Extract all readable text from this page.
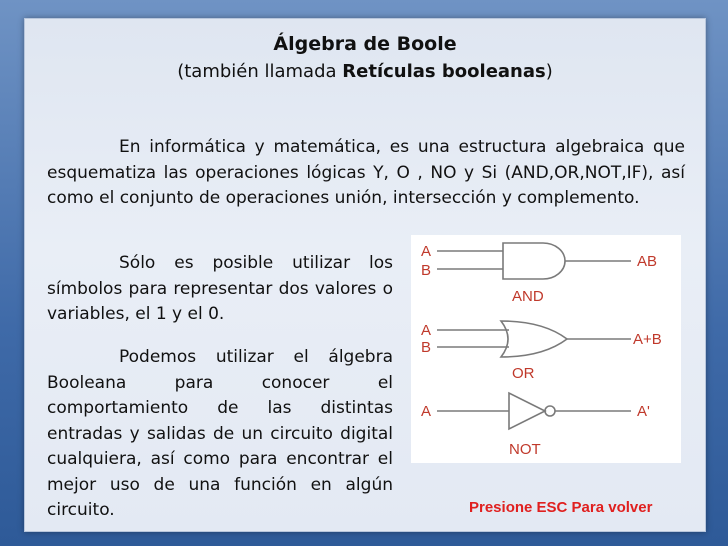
Álgebra de Boole
(también llamada Retículas booleanas)
En informática y matemática, es una estructura algebraica que esquematiza las operaciones lógicas Y, O , NO y Si (AND,OR,NOT,IF), así como el conjunto de operaciones unión, intersección y complemento.
Sólo es posible utilizar los símbolos para representar dos valores o variables, el 1 y el 0.
Podemos utilizar el álgebra Booleana para conocer el comportamiento de las distintas entradas y salidas de un circuito digital cualquiera, así como para encontrar el mejor uso de una función en algún circuito.
A
B
AB
AND
A
B	A+B
OR
A	A'
NOT
Presione ESC Para volver
